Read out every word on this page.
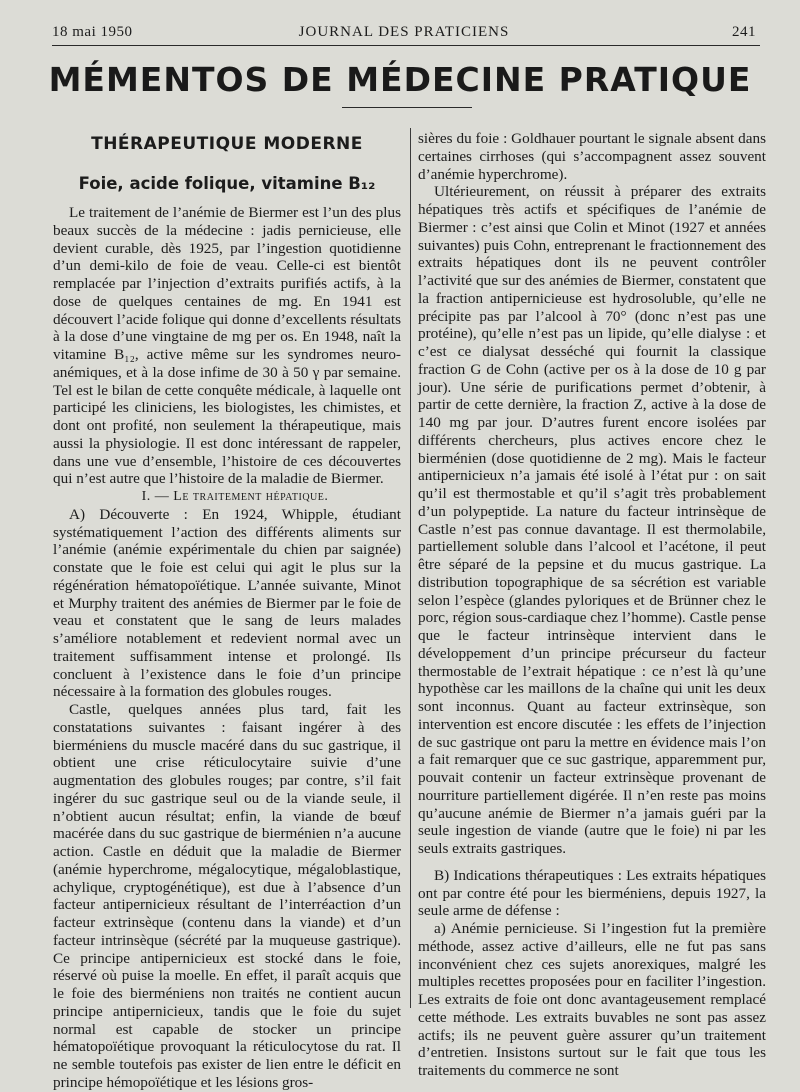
18 mai 1950	JOURNAL DES PRATICIENS	241
MÉMENTOS DE MÉDECINE PRATIQUE
THÉRAPEUTIQUE MODERNE
Foie, acide folique, vitamine B₁₂

Le traitement de l’anémie de Biermer est l’un des plus beaux succès de la médecine : jadis pernicieuse, elle devient curable, dès 1925, par l’ingestion quotidienne d’un demi-kilo de foie de veau. Celle-ci est bientôt remplacée par l’injection d’extraits purifiés actifs, à la dose de quelques centaines de mg. En 1941 est découvert l’acide folique qui donne d’excellents résultats à la dose d’une vingtaine de mg per os. En 1948, naît la vitamine B₁₂, active même sur les syndromes neuro-anémiques, et à la dose infime de 30 à 50 γ par semaine. Tel est le bilan de cette conquête médicale, à laquelle ont participé les cliniciens, les biologistes, les chimistes, et dont ont profité, non seulement la thérapeutique, mais aussi la physiologie. Il est donc intéressant de rappeler, dans une vue d’ensemble, l’histoire de ces découvertes qui n’est autre que l’histoire de la maladie de Biermer.

I. — Le traitement hépatique.

A) Découverte : En 1924, Whipple, étudiant systématiquement l’action des différents aliments sur l’anémie (anémie expérimentale du chien par saignée) constate que le foie est celui qui agit le plus sur la régénération hématopoïétique. L’année suivante, Minot et Murphy traitent des anémies de Biermer par le foie de veau et constatent que le sang de leurs malades s’améliore notablement et redevient normal avec un traitement suffisamment intense et prolongé. Ils concluent à l’existence dans le foie d’un principe nécessaire à la formation des globules rouges.

Castle, quelques années plus tard, fait les constatations suivantes : faisant ingérer à des bierméniens du muscle macéré dans du suc gastrique, il obtient une crise réticulocytaire suivie d’une augmentation des globules rouges; par contre, s’il fait ingérer du suc gastrique seul ou de la viande seule, il n’obtient aucun résultat; enfin, la viande de bœuf macérée dans du suc gastrique de bierménien n’a aucune action. Castle en déduit que la maladie de Biermer (anémie hyperchrome, mégalocytique, mégaloblastique, achylique, cryptogénétique), est due à l’absence d’un facteur antipernicieux résultant de l’interréaction d’un facteur extrinsèque (contenu dans la viande) et d’un facteur intrinsèque (sécrété par la muqueuse gastrique). Ce principe antipernicieux est stocké dans le foie, réservé où puise la moelle. En effet, il paraît acquis que le foie des bierméniens non traités ne contient aucun principe antipernicieux, tandis que le foie du sujet normal est capable de stocker un principe hématopoïétique provoquant la réticulocytose du rat. Il ne semble toutefois pas exister de lien entre le déficit en principe hémopoïétique et les lésions gros-

sières du foie : Goldhauer pourtant le signale absent dans certaines cirrhoses (qui s’accompagnent assez souvent d’anémie hyperchrome).

Ultérieurement, on réussit à préparer des extraits hépatiques très actifs et spécifiques de l’anémie de Biermer : c’est ainsi que Colin et Minot (1927 et années suivantes) puis Cohn, entreprenant le fractionnement des extraits hépatiques dont ils ne peuvent contrôler l’activité que sur des anémies de Biermer, constatent que la fraction antipernicieuse est hydrosoluble, qu’elle ne précipite pas par l’alcool à 70° (donc n’est pas une protéine), qu’elle n’est pas un lipide, qu’elle dialyse : et c’est ce dialysat desséché qui fournit la classique fraction G de Cohn (active per os à la dose de 10 g par jour). Une série de purifications permet d’obtenir, à partir de cette dernière, la fraction Z, active à la dose de 140 mg par jour. D’autres furent encore isolées par différents chercheurs, plus actives encore chez le bierménien (dose quotidienne de 2 mg). Mais le facteur antipernicieux n’a jamais été isolé à l’état pur : on sait qu’il est thermostable et qu’il s’agit très probablement d’un polypeptide. La nature du facteur intrinsèque de Castle n’est pas connue davantage. Il est thermolabile, partiellement soluble dans l’alcool et l’acétone, il peut être séparé de la pepsine et du mucus gastrique. La distribution topographique de sa sécrétion est variable selon l’espèce (glandes pyloriques et de Brünner chez le porc, région sous-cardiaque chez l’homme). Castle pense que le facteur intrinsèque intervient dans le développement d’un principe précurseur du facteur thermostable de l’extrait hépatique : ce n’est là qu’une hypothèse car les maillons de la chaîne qui unit les deux sont inconnus. Quant au facteur extrinsèque, son intervention est encore discutée : les effets de l’injection de suc gastrique ont paru la mettre en évidence mais l’on a fait remarquer que ce suc gastrique, apparemment pur, pouvait contenir un facteur extrinsèque provenant de nourriture partiellement digérée. Il n’en reste pas moins qu’aucune anémie de Biermer n’a jamais guéri par la seule ingestion de viande (autre que le foie) ni par les seuls extraits gastriques.

B) Indications thérapeutiques : Les extraits hépatiques ont par contre été pour les bierméniens, depuis 1927, la seule arme de défense :

a) Anémie pernicieuse. Si l’ingestion fut la première méthode, assez active d’ailleurs, elle ne fut pas sans inconvénient chez ces sujets anorexiques, malgré les multiples recettes proposées pour en faciliter l’ingestion. Les extraits de foie ont donc avantageusement remplacé cette méthode. Les extraits buvables ne sont pas assez actifs; ils ne peuvent guère assurer qu’un traitement d’entretien. Insistons surtout sur le fait que tous les traitements du commerce ne sont
